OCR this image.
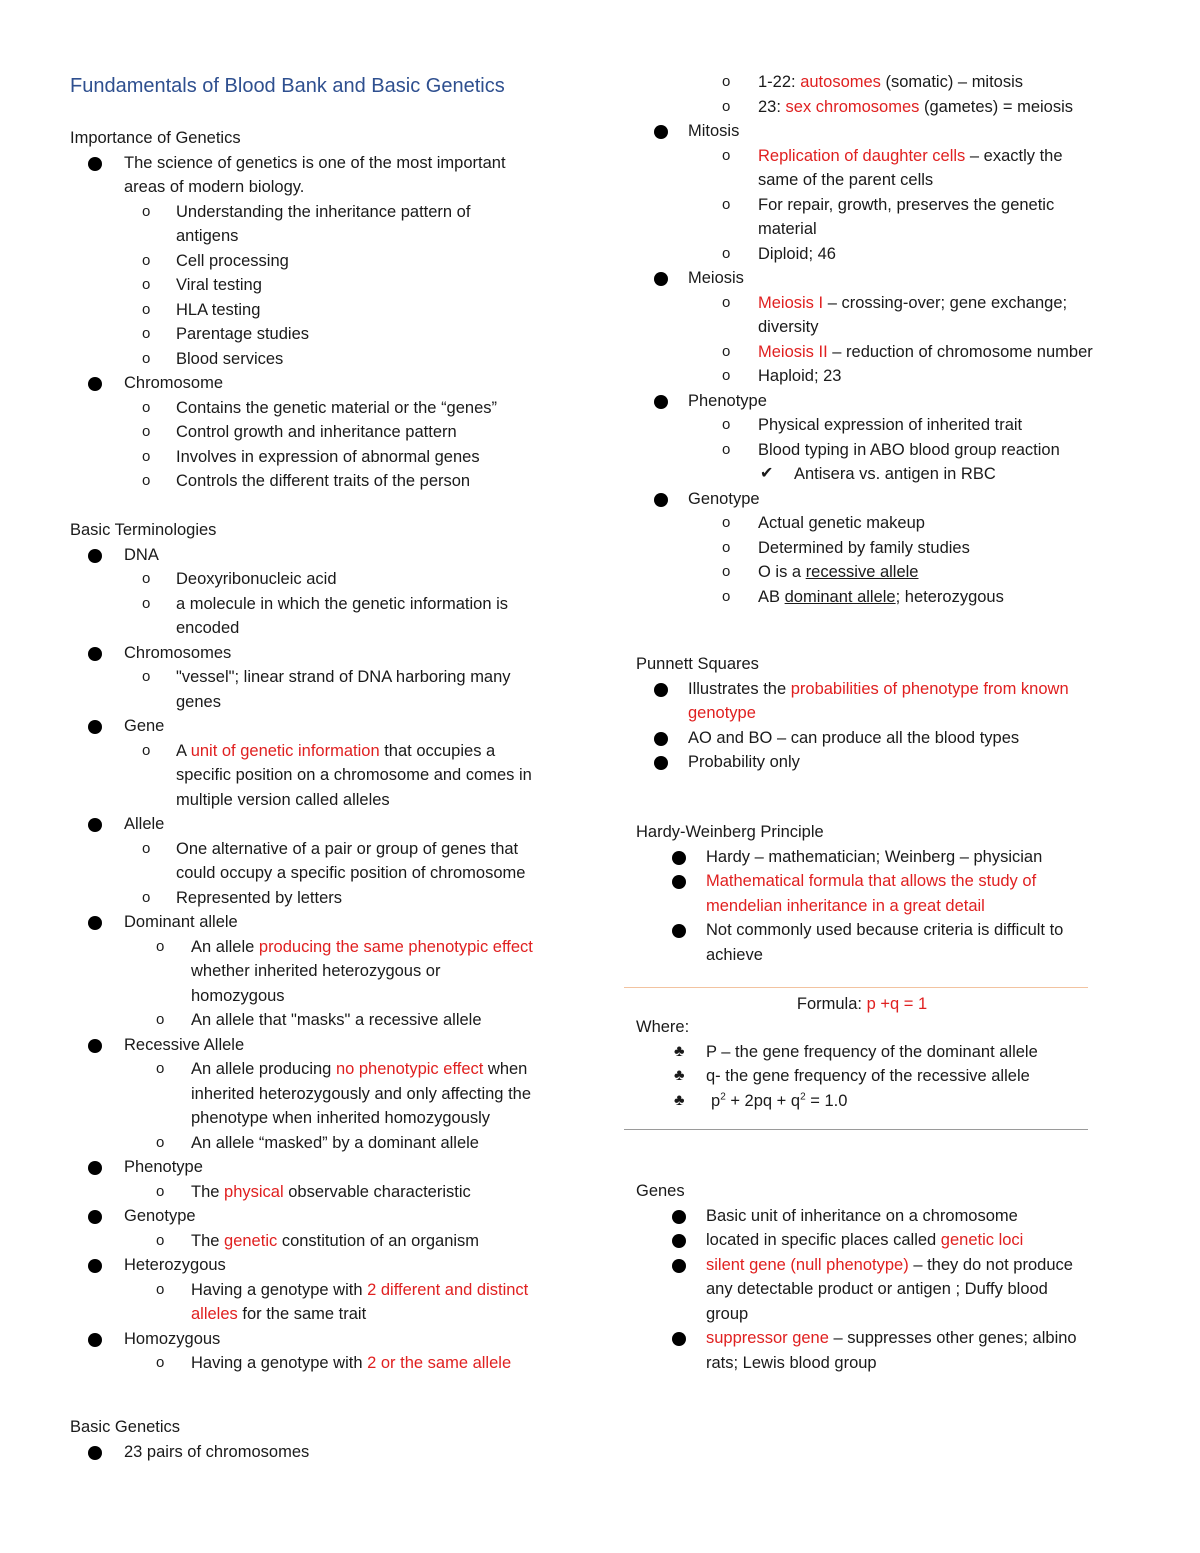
Fundamentals of Blood Bank and Basic Genetics
Importance of Genetics
The science of genetics is one of the most important
areas of modern biology.
o Understanding the inheritance pattern of
antigens
o Cell processing
o Viral testing
o HLA testing
o Parentage studies
o Blood services
Chromosome
o Contains the genetic material or the “genes”
o Control growth and inheritance pattern
o Involves in expression of abnormal genes
o Controls the different traits of the person
Basic Terminologies
DNA
o Deoxyribonucleic acid
o a molecule in which the genetic information is
encoded
Chromosomes
o "vessel"; linear strand of DNA harboring many
genes
Gene
o A unit of genetic information that occupies a
specific position on a chromosome and comes in
multiple version called alleles
Allele
o One alternative of a pair or group of genes that
could occupy a specific position of chromosome
o Represented by letters
Dominant allele
o An allele producing the same phenotypic effect
whether inherited heterozygous or
homozygous
o An allele that "masks" a recessive allele
Recessive Allele
o An allele producing no phenotypic effect when
inherited heterozygously and only affecting the
phenotype when inherited homozygously
o An allele “masked” by a dominant allele
Phenotype
o The physical observable characteristic
Genotype
o The genetic constitution of an organism
Heterozygous
o Having a genotype with 2 different and distinct
alleles for the same trait
Homozygous
o Having a genotype with 2 or the same allele
Basic Genetics
23 pairs of chromosomes
o 1-22: autosomes (somatic) – mitosis
o 23: sex chromosomes (gametes) = meiosis
Mitosis
o Replication of daughter cells – exactly the
same of the parent cells
o For repair, growth, preserves the genetic
material
o Diploid; 46
Meiosis
o Meiosis I – crossing-over; gene exchange;
diversity
o Meiosis II – reduction of chromosome number
o Haploid; 23
Phenotype
o Physical expression of inherited trait
o Blood typing in ABO blood group reaction
✔ Antisera vs. antigen in RBC
Genotype
o Actual genetic makeup
o Determined by family studies
o O is a recessive allele
o AB dominant allele; heterozygous
Punnett Squares
Illustrates the probabilities of phenotype from known
genotype
AO and BO – can produce all the blood types
Probability only
Hardy-Weinberg Principle
Hardy – mathematician; Weinberg – physician
Mathematical formula that allows the study of
mendelian inheritance in a great detail
Not commonly used because criteria is difficult to
achieve
Formula: p +q = 1
Where:
♣ P – the gene frequency of the dominant allele
♣ q- the gene frequency of the recessive allele
♣ $p^2 + 2pq + q^2 = 1.0$
Genes
Basic unit of inheritance on a chromosome
located in specific places called genetic loci
silent gene (null phenotype) – they do not produce
any detectable product or antigen ; Duffy blood
group
suppressor gene – suppresses other genes; albino
rats; Lewis blood group
